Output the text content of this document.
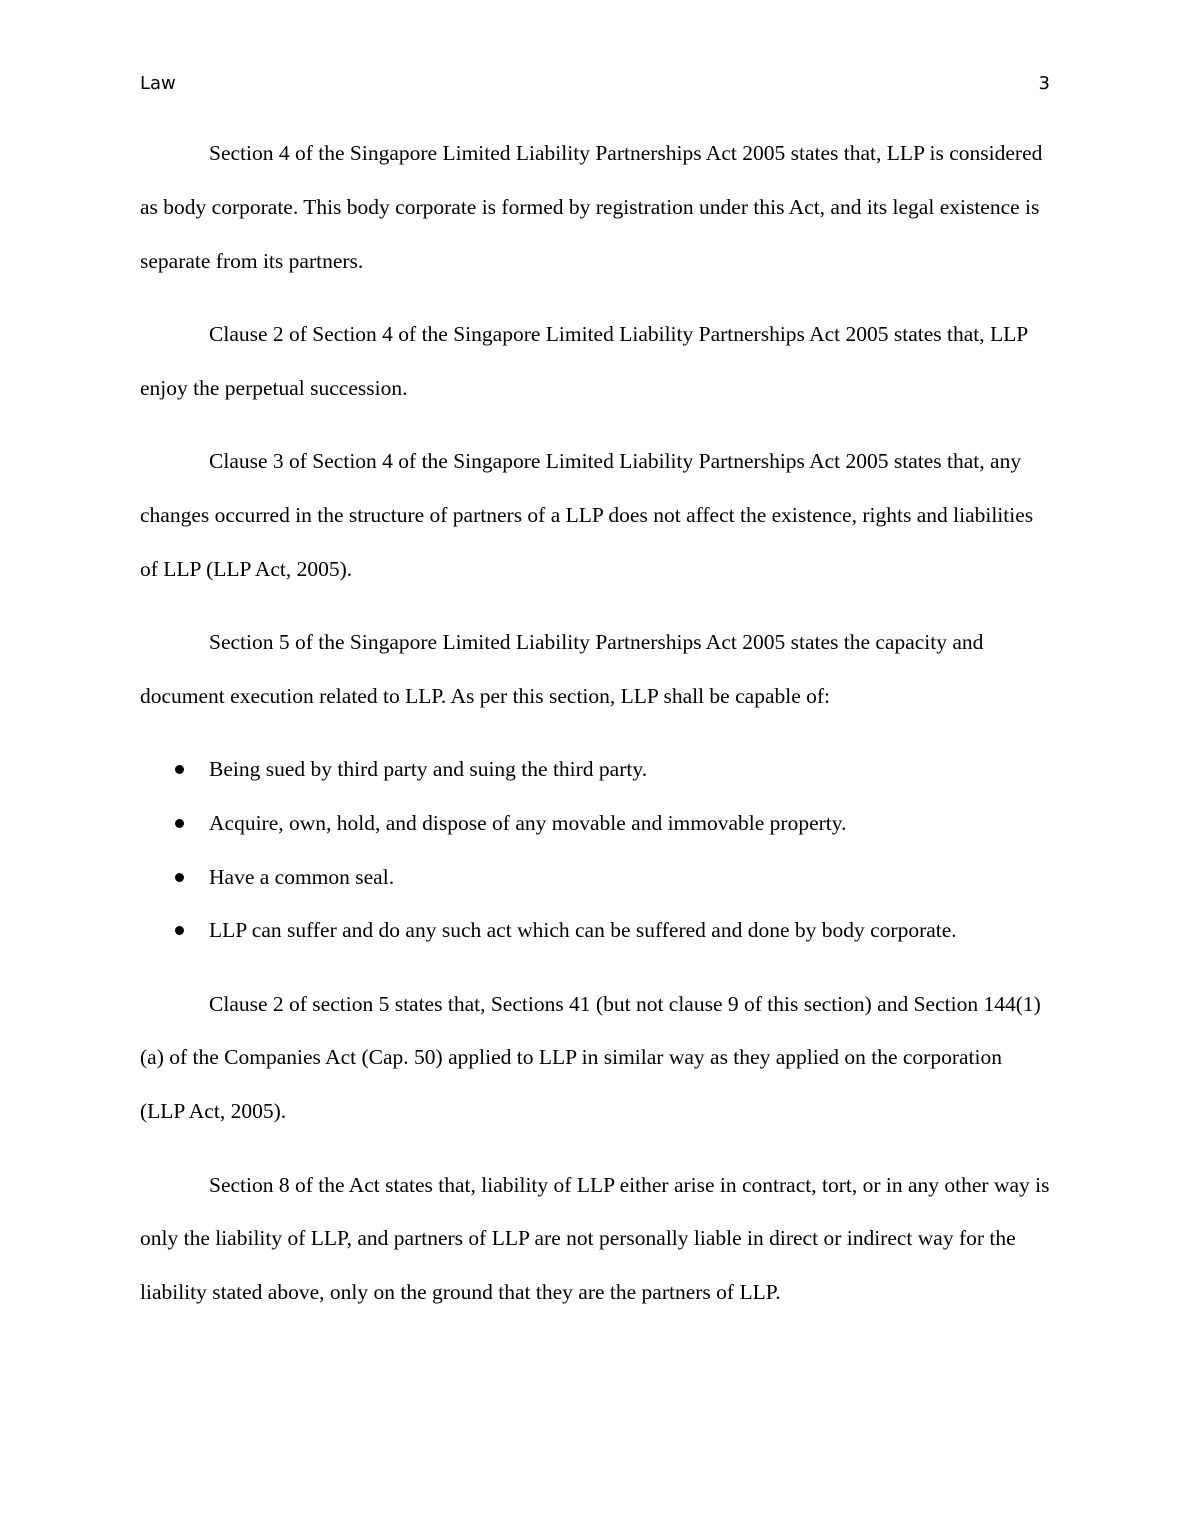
Law	3

Section 4 of the Singapore Limited Liability Partnerships Act 2005 states that, LLP is considered as body corporate. This body corporate is formed by registration under this Act, and its legal existence is separate from its partners.

Clause 2 of Section 4 of the Singapore Limited Liability Partnerships Act 2005 states that, LLP enjoy the perpetual succession.

Clause 3 of Section 4 of the Singapore Limited Liability Partnerships Act 2005 states that, any changes occurred in the structure of partners of a LLP does not affect the existence, rights and liabilities of LLP (LLP Act, 2005).

Section 5 of the Singapore Limited Liability Partnerships Act 2005 states the capacity and document execution related to LLP. As per this section, LLP shall be capable of:

Being sued by third party and suing the third party.
Acquire, own, hold, and dispose of any movable and immovable property.
Have a common seal.
LLP can suffer and do any such act which can be suffered and done by body corporate.

Clause 2 of section 5 states that, Sections 41 (but not clause 9 of this section) and Section 144(1) (a) of the Companies Act (Cap. 50) applied to LLP in similar way as they applied on the corporation (LLP Act, 2005).

Section 8 of the Act states that, liability of LLP either arise in contract, tort, or in any other way is only the liability of LLP, and partners of LLP are not personally liable in direct or indirect way for the liability stated above, only on the ground that they are the partners of LLP.
